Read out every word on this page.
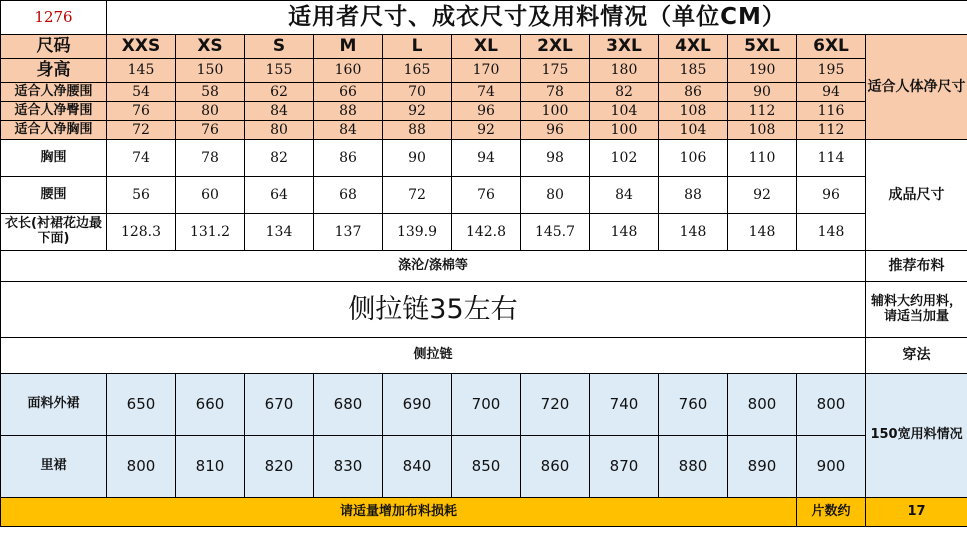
1276	适用者尺寸、成衣尺寸及用料情况（单位CM）											
尺码	XXS	XS	S	M	L	XL	2XL	3XL	4XL	5XL	6XL	适合人体净尺寸
身高	145	150	155	160	165	170	175	180	185	190	195	
适合人净腰围	54	58	62	66	70	74	78	82	86	90	94	
适合人净臀围	76	80	84	88	92	96	100	104	108	112	116	
适合人净胸围	72	76	80	84	88	92	96	100	104	108	112	
胸围	74	78	82	86	90	94	98	102	106	110	114	成品尺寸
腰围	56	60	64	68	72	76	80	84	88	92	96	
衣长(衬裙花边最下面)	128.3	131.2	134	137	139.9	142.8	145.7	148	148	148	148	
涤沦/涤棉等												推荐布料
侧拉链35左右												辅料大约用料，请适当加量
侧拉链												穿法
面料外裙	650	660	670	680	690	700	720	740	760	800	800	150宽用料情况
里裙	800	810	820	830	840	850	860	870	880	890	900	
请适量增加布料损耗											片数约	17
